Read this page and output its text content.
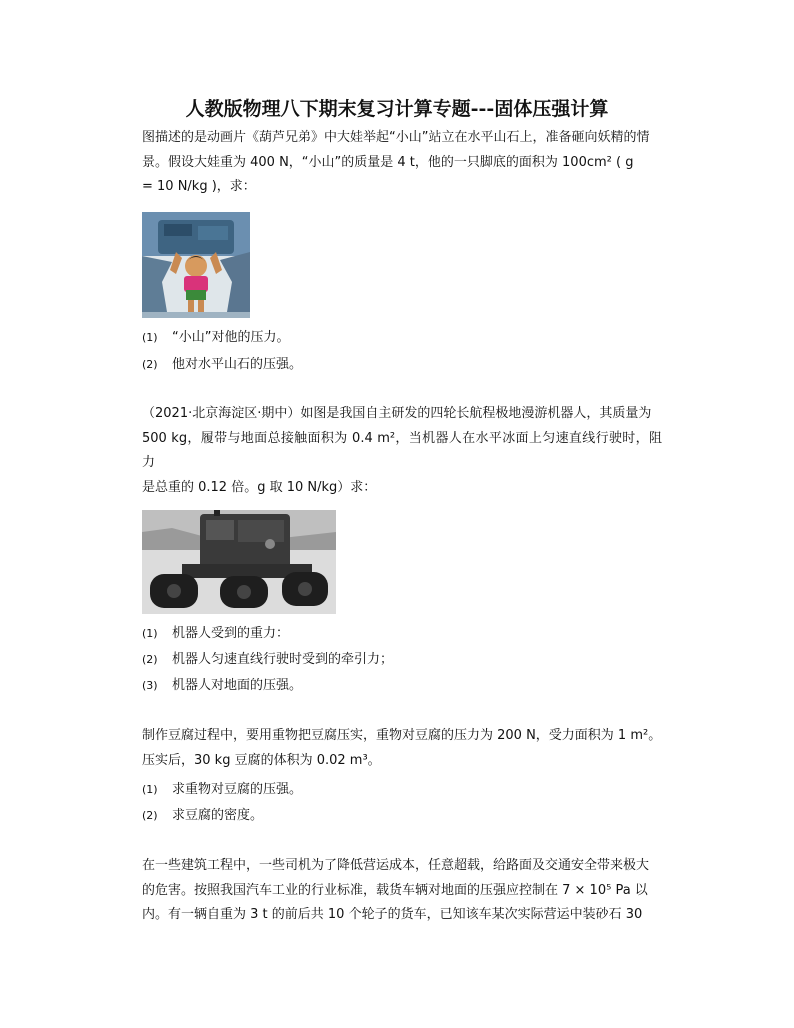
人教版物理八下期末复习计算专题---固体压强计算
图描述的是动画片《葫芦兄弟》中大娃举起“小山”站立在水平山石上，准备砸向妖精的情
景。假设大娃重为 400 N，“小山”的质量是 4 t，他的一只脚底的面积为 100cm² ( g
= 10 N/kg )，求：
(1) “小山”对他的压力。
(2) 他对水平山石的压强。
（2021·北京海淀区·期中）如图是我国自主研发的四轮长航程极地漫游机器人，其质量为
500 kg，履带与地面总接触面积为 0.4 m²，当机器人在水平冰面上匀速直线行驶时，阻力
是总重的 0.12 倍。g 取 10 N/kg）求：
(1) 机器人受到的重力：
(2) 机器人匀速直线行驶时受到的牵引力；
(3) 机器人对地面的压强。
制作豆腐过程中，要用重物把豆腐压实，重物对豆腐的压力为 200 N，受力面积为 1 m²。
压实后，30 kg 豆腐的体积为 0.02 m³。
(1) 求重物对豆腐的压强。
(2) 求豆腐的密度。
在一些建筑工程中，一些司机为了降低营运成本，任意超载，给路面及交通安全带来极大
的危害。按照我国汽车工业的行业标准，载货车辆对地面的压强应控制在 7 × 10⁵ Pa 以
内。有一辆自重为 3 t 的前后共 10 个轮子的货车，已知该车某次实际营运中装砂石 30
